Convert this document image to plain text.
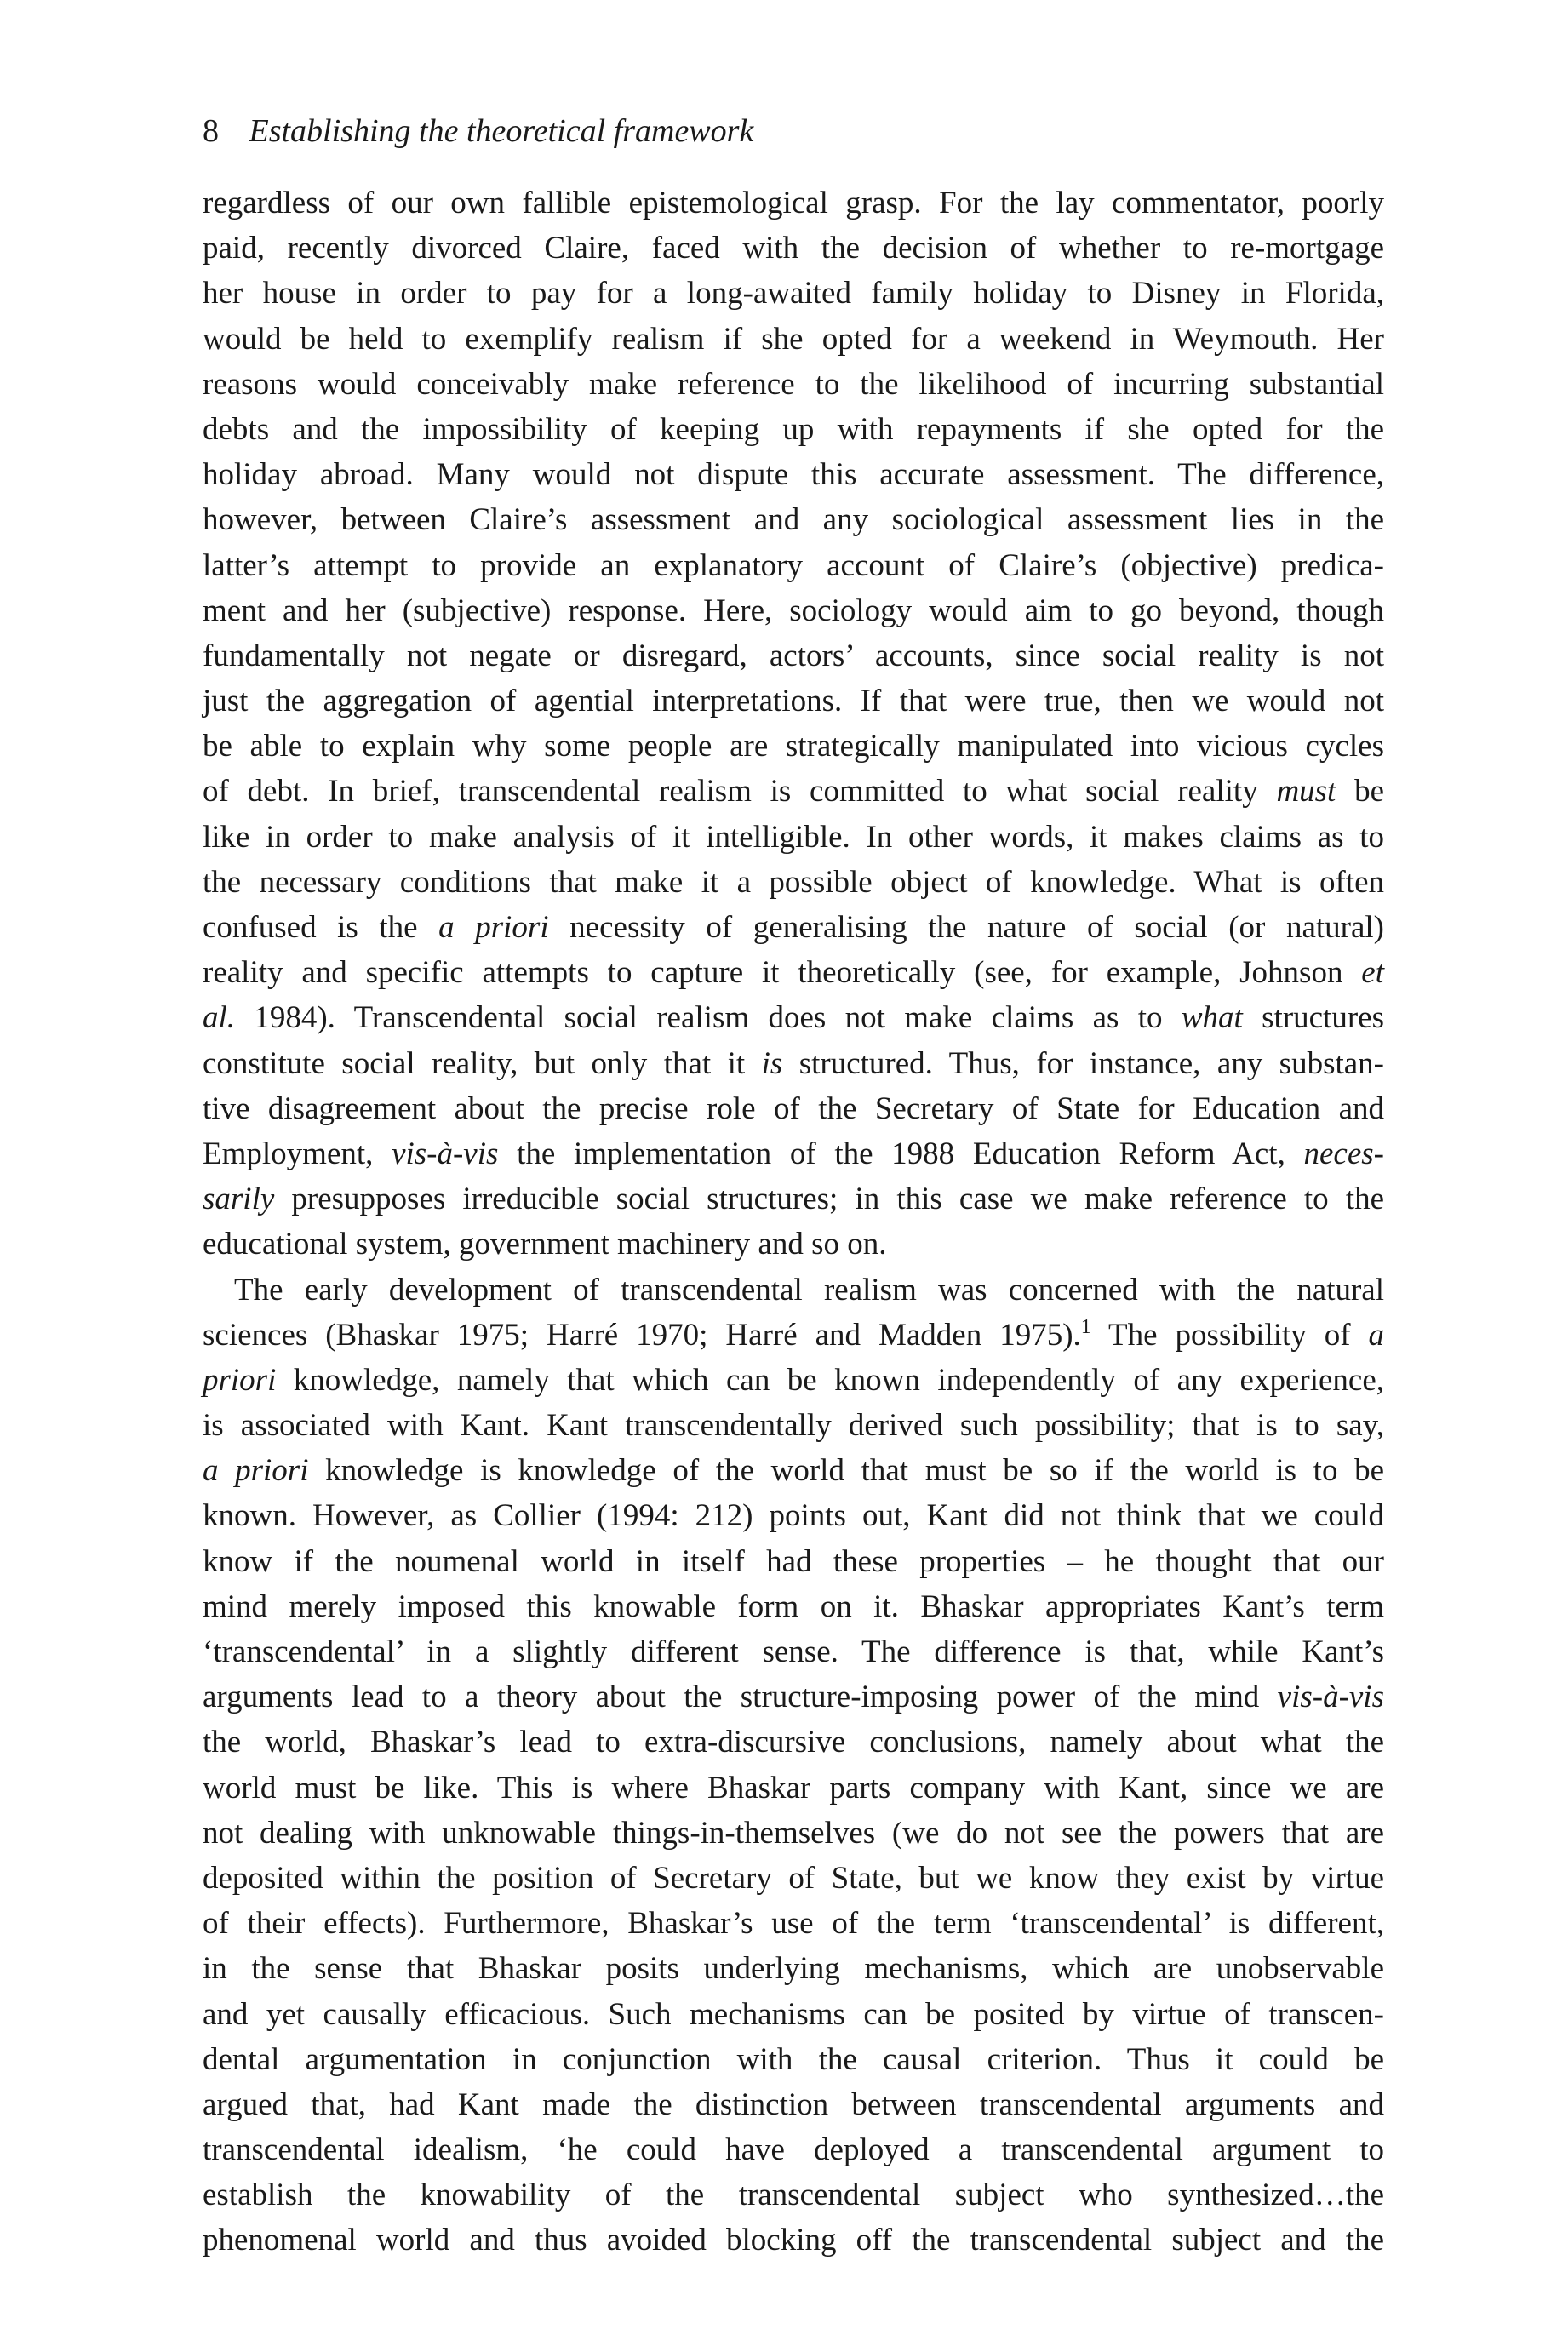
8 Establishing the theoretical framework
regardless of our own fallible epistemological grasp. For the lay commentator, poorly
paid, recently divorced Claire, faced with the decision of whether to re-mortgage
her house in order to pay for a long-awaited family holiday to Disney in Florida,
would be held to exemplify realism if she opted for a weekend in Weymouth. Her
reasons would conceivably make reference to the likelihood of incurring substantial
debts and the impossibility of keeping up with repayments if she opted for the
holiday abroad. Many would not dispute this accurate assessment. The difference,
however, between Claire’s assessment and any sociological assessment lies in the
latter’s attempt to provide an explanatory account of Claire’s (objective) predica-
ment and her (subjective) response. Here, sociology would aim to go beyond, though
fundamentally not negate or disregard, actors’ accounts, since social reality is not
just the aggregation of agential interpretations. If that were true, then we would not
be able to explain why some people are strategically manipulated into vicious cycles
of debt. In brief, transcendental realism is committed to what social reality must be
like in order to make analysis of it intelligible. In other words, it makes claims as to
the necessary conditions that make it a possible object of knowledge. What is often
confused is the a priori necessity of generalising the nature of social (or natural)
reality and specific attempts to capture it theoretically (see, for example, Johnson et
al. 1984). Transcendental social realism does not make claims as to what structures
constitute social reality, but only that it is structured. Thus, for instance, any substan-
tive disagreement about the precise role of the Secretary of State for Education and
Employment, vis-à-vis the implementation of the 1988 Education Reform Act, neces-
sarily presupposes irreducible social structures; in this case we make reference to the
educational system, government machinery and so on.
The early development of transcendental realism was concerned with the natural
sciences (Bhaskar 1975; Harré 1970; Harré and Madden 1975).$^1$ The possibility of a
priori knowledge, namely that which can be known independently of any experience,
is associated with Kant. Kant transcendentally derived such possibility; that is to say,
a priori knowledge is knowledge of the world that must be so if the world is to be
known. However, as Collier (1994: 212) points out, Kant did not think that we could
know if the noumenal world in itself had these properties – he thought that our
mind merely imposed this knowable form on it. Bhaskar appropriates Kant’s term
‘transcendental’ in a slightly different sense. The difference is that, while Kant’s
arguments lead to a theory about the structure-imposing power of the mind vis-à-vis
the world, Bhaskar’s lead to extra-discursive conclusions, namely about what the
world must be like. This is where Bhaskar parts company with Kant, since we are
not dealing with unknowable things-in-themselves (we do not see the powers that are
deposited within the position of Secretary of State, but we know they exist by virtue
of their effects). Furthermore, Bhaskar’s use of the term ‘transcendental’ is different,
in the sense that Bhaskar posits underlying mechanisms, which are unobservable
and yet causally efficacious. Such mechanisms can be posited by virtue of transcen-
dental argumentation in conjunction with the causal criterion. Thus it could be
argued that, had Kant made the distinction between transcendental arguments and
transcendental idealism, ‘he could have deployed a transcendental argument to
establish the knowability of the transcendental subject who synthesized…the
phenomenal world and thus avoided blocking off the transcendental subject and the
